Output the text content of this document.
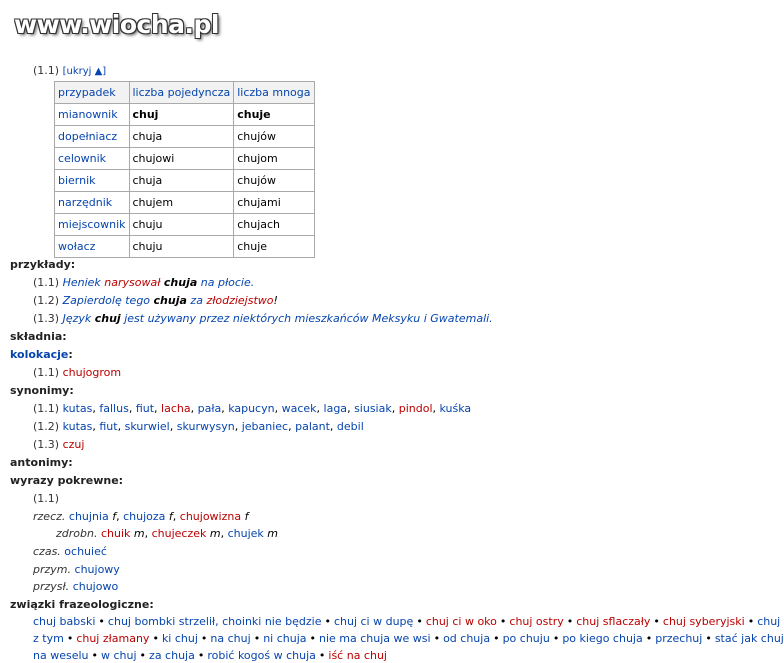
www.wiocha.pl
(1.1) [ukryj ▲]
przypadek	liczba pojedyncza	liczba mnoga
mianownik	chuj	chuje
dopełniacz	chuja	chujów
celownik	chujowi	chujom
biernik	chuja	chujów
narzędnik	chujem	chujami
miejscownik	chuju	chujach
wołacz	chuju	chuje
przykłady:
(1.1) Heniek narysował chuja na płocie.
(1.2) Zapierdolę tego chuja za złodziejstwo!
(1.3) Język chuj jest używany przez niektórych mieszkańców Meksyku i Gwatemali.
składnia:
kolokacje:
(1.1) chujogrom
synonimy:
(1.1) kutas, fallus, fiut, lacha, pała, kapucyn, wacek, laga, siusiak, pindol, kuśka
(1.2) kutas, fiut, skurwiel, skurwysyn, jebaniec, palant, debil
(1.3) czuj
antonimy:
wyrazy pokrewne:
(1.1)
rzecz. chujnia f, chujoza f, chujowizna f
zdrobn. chuik m, chujeczek m, chujek m
czas. ochuieć
przym. chujowy
przysł. chujowo
związki frazeologiczne:
chuj babski • chuj bombki strzelił, choinki nie będzie • chuj ci w dupę • chuj ci w oko • chuj ostry • chuj sflaczały • chuj syberyjski • chuj
z tym • chuj złamany • ki chuj • na chuj • ni chuja • nie ma chuja we wsi • od chuja • po chuju • po kiego chuja • przechuj • stać jak chuj
na weselu • w chuj • za chuja • robić kogoś w chuja • iść na chuj
